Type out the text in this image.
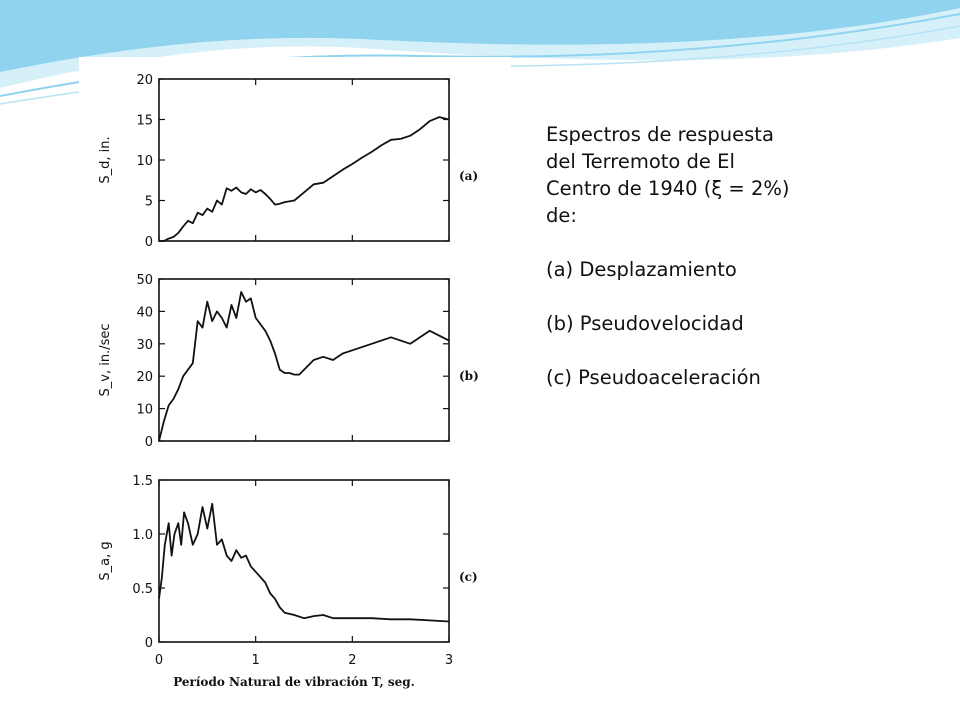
0
5
10
15
20
S_d, in.	(a)
0
10
20
30
40
50
S_v, in./sec	(b)
0
0.5
1.0
1.5
0	1	2	3
S_a, g	(c)
Período Natural de vibración T, seg.

Espectros de respuesta

del Terremoto de El

Centro de 1940 (ξ = 2%)

de:

(a) Desplazamiento

(b) Pseudovelocidad

(c) Pseudoaceleración
